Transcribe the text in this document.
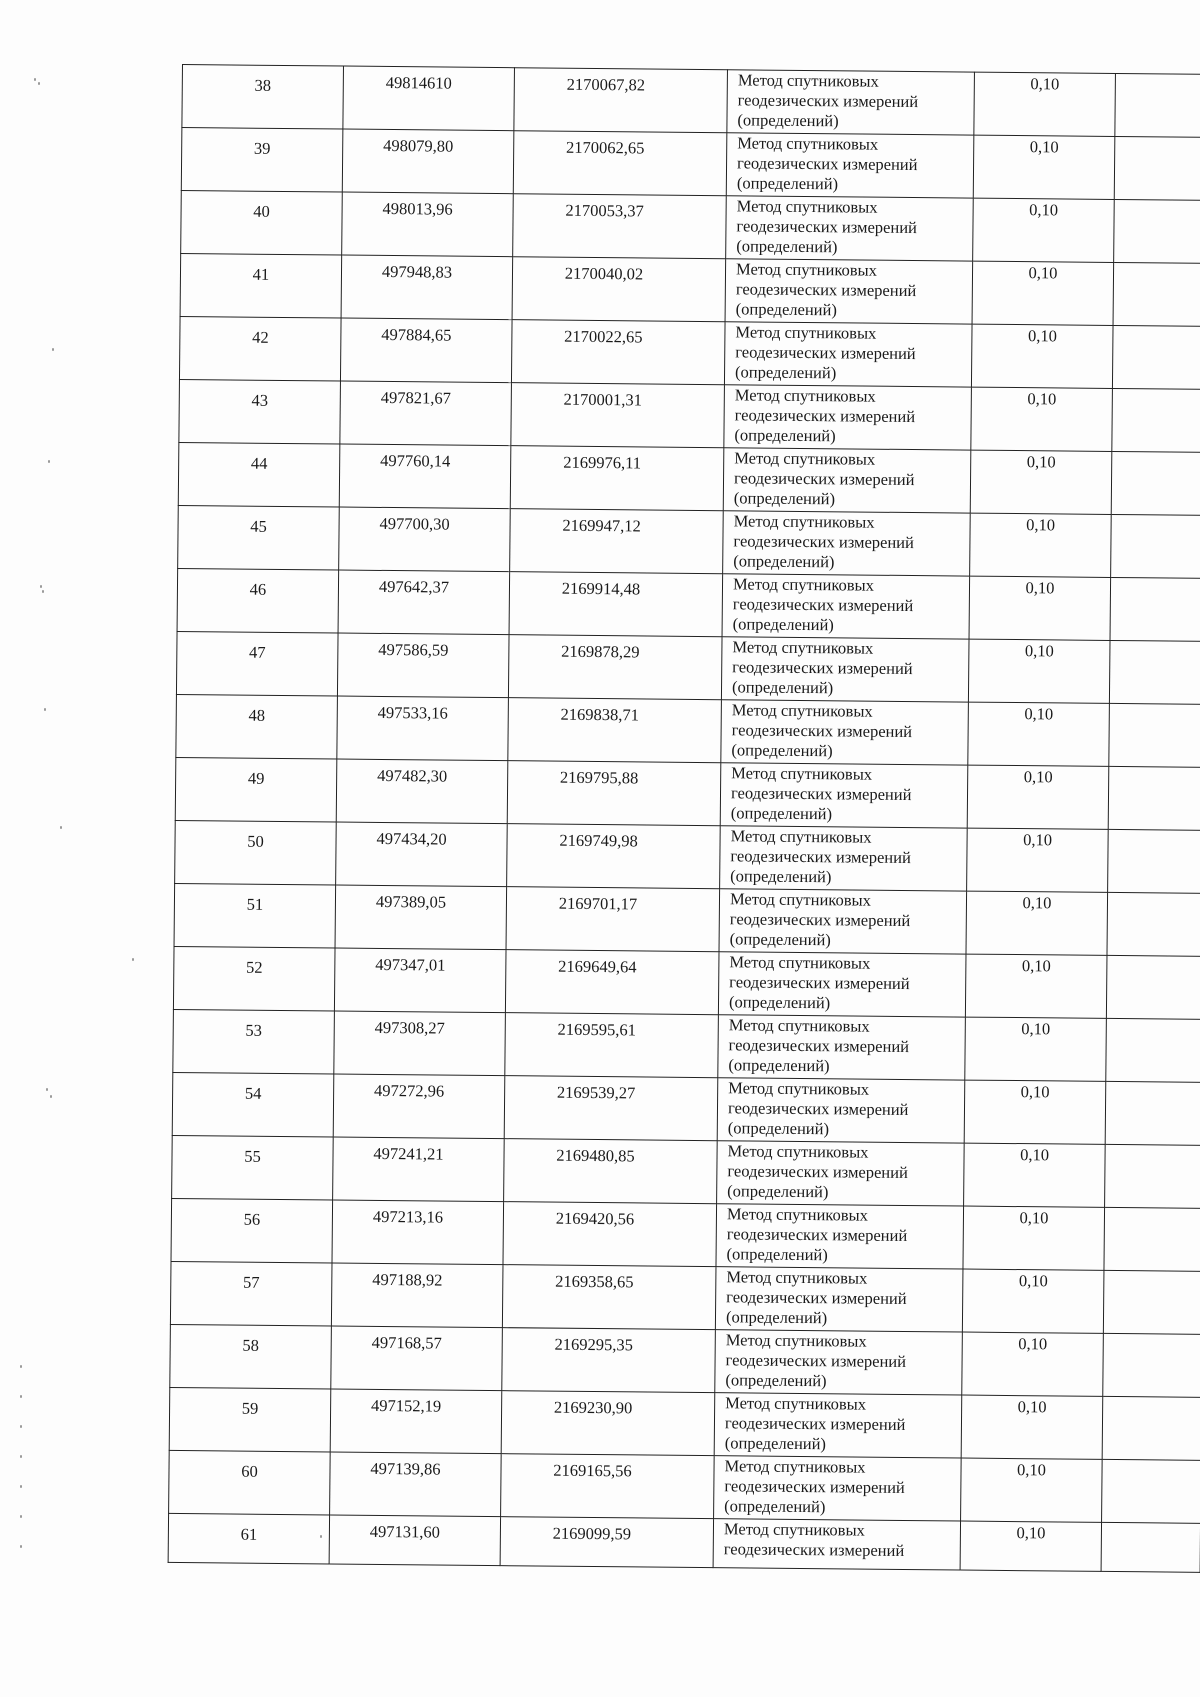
38	49814610	2170067,82	Метод спутниковых
геодезических измерений
(определений)	0,10	

39	498079,80	2170062,65	Метод спутниковых
геодезических измерений
(определений)	0,10	

40	498013,96	2170053,37	Метод спутниковых
геодезических измерений
(определений)	0,10	

41	497948,83	2170040,02	Метод спутниковых
геодезических измерений
(определений)	0,10	

42	497884,65	2170022,65	Метод спутниковых
геодезических измерений
(определений)	0,10	

43	497821,67	2170001,31	Метод спутниковых
геодезических измерений
(определений)	0,10	

44	497760,14	2169976,11	Метод спутниковых
геодезических измерений
(определений)	0,10	

45	497700,30	2169947,12	Метод спутниковых
геодезических измерений
(определений)	0,10	

46	497642,37	2169914,48	Метод спутниковых
геодезических измерений
(определений)	0,10	

47	497586,59	2169878,29	Метод спутниковых
геодезических измерений
(определений)	0,10	

48	497533,16	2169838,71	Метод спутниковых
геодезических измерений
(определений)	0,10	

49	497482,30	2169795,88	Метод спутниковых
геодезических измерений
(определений)	0,10	

50	497434,20	2169749,98	Метод спутниковых
геодезических измерений
(определений)	0,10	

51	497389,05	2169701,17	Метод спутниковых
геодезических измерений
(определений)	0,10	

52	497347,01	2169649,64	Метод спутниковых
геодезических измерений
(определений)	0,10	

53	497308,27	2169595,61	Метод спутниковых
геодезических измерений
(определений)	0,10	

54	497272,96	2169539,27	Метод спутниковых
геодезических измерений
(определений)	0,10	

55	497241,21	2169480,85	Метод спутниковых
геодезических измерений
(определений)	0,10	

56	497213,16	2169420,56	Метод спутниковых
геодезических измерений
(определений)	0,10	

57	497188,92	2169358,65	Метод спутниковых
геодезических измерений
(определений)	0,10	

58	497168,57	2169295,35	Метод спутниковых
геодезических измерений
(определений)	0,10	

59	497152,19	2169230,90	Метод спутниковых
геодезических измерений
(определений)	0,10	

60	497139,86	2169165,56	Метод спутниковых
геодезических измерений
(определений)	0,10	

61	497131,60	2169099,59	Метод спутниковых
геодезических измерений	0,10	
